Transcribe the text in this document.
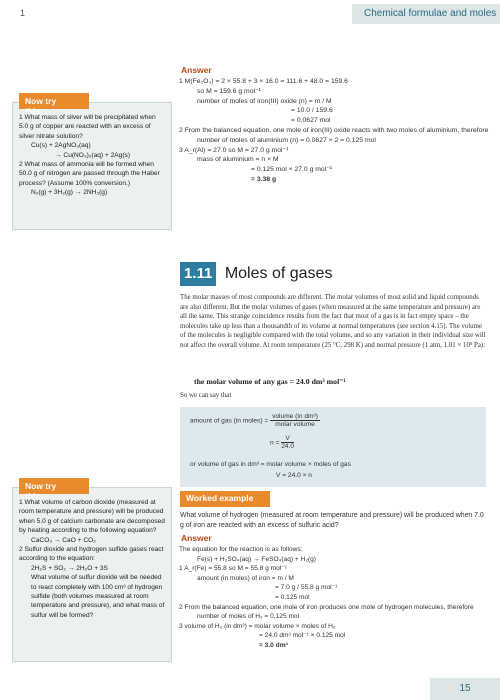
1	Chemical formulae and moles
Answer
1 M(Fe₂O₃) = 2 × 55.8 + 3 × 16.0 = 111.6 + 48.0 = 159.6
so M = 159.6 g mol⁻¹
number of moles of iron(III) oxide (n) = m / M
= 10.0 / 159.6
= 0.0627 mol
2 From the balanced equation, one mole of iron(III) oxide reacts with two moles of aluminium, therefore
number of moles of aluminium (n) = 0.0627 × 2 = 0.125 mol
3 A_r(Al) = 27.0 so M = 27.0 g mol⁻¹
mass of aluminium = n × M
= 0.125 mol × 27.0 g mol⁻¹
= 3.38 g
Now try this
1 What mass of silver will be precipitated when 5.0 g of copper are reacted with an excess of silver nitrate solution?
Cu(s) + 2AgNO₃(aq)
→ Cu(NO₃)₂(aq) + 2Ag(s)
2 What mass of ammonia will be formed when 50.0 g of nitrogen are passed through the Haber process? (Assume 100% conversion.)
N₂(g) + 3H₂(g) → 2NH₃(g)
1.11 Moles of gases
The molar masses of most compounds are different. The molar volumes of most solid and liquid compounds are also different. But the molar volumes of gases (when measured at the same temperature and pressure) are all the same. This strange coincidence results from the fact that most of a gas is in fact empty space – the molecules take up less than a thousandth of its volume at normal temperatures (see section 4.15). The volume of the molecules is negligible compared with the total volume, and so any variation in their individual size will not affect the overall volume. At room temperature (25 °C, 298 K) and normal pressure (1 atm, 1.01 × 10⁵ Pa):
the molar volume of any gas = 24.0 dm³ mol⁻¹
So we can say that
amount of gas (in moles) = $\frac{\text{volume (in dm³)}}{\text{molar volume}}$
$n = \frac{V}{24.0}$
or volume of gas in dm³ = molar volume × moles of gas
V = 24.0 × n
Worked example
What volume of hydrogen (measured at room temperature and pressure) will be produced when 7.0 g of iron are reacted with an excess of sulfuric acid?
Answer
The equation for the reaction is as follows:
Fe(s) + H₂SO₄(aq) → FeSO₄(aq) + H₂(g)
1 A_r(Fe) = 55.8 so M = 55.8 g mol⁻¹
amount (in moles) of iron = m / M
= 7.0 g / 55.8 g mol⁻¹
= 0.125 mol
2 From the balanced equation, one mole of iron produces one mole of hydrogen molecules, therefore
number of moles of H₂ = 0.125 mol
3 volume of H₂ (in dm³) = molar volume × moles of H₂
= 24.0 dm³ mol⁻¹ × 0.125 mol
= 3.0 dm³
Now try this
1 What volume of carbon dioxide (measured at room temperature and pressure) will be produced when 5.0 g of calcium carbonate are decomposed by heating according to the following equation?
CaCO₃ → CaO + CO₂
2 Sulfur dioxide and hydrogen sulfide gases react according to the equation:
2H₂S + SO₂ → 2H₂O + 3S
What volume of sulfur dioxide will be needed to react completely with 100 cm³ of hydrogen sulfide (both volumes measured at room temperature and pressure), and what mass of sulfur will be formed?
15
